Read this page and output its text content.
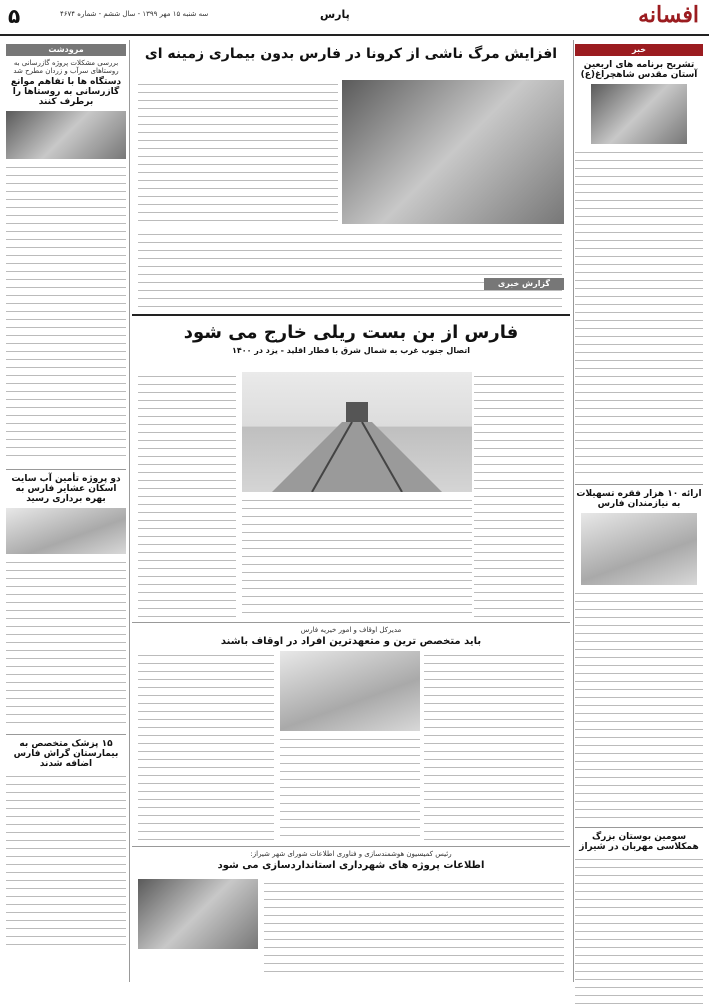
افسانه
پارس
سه شنبه ۱۵ مهر ۱۳۹۹ - سال ششم - شماره ۴۶۷۴
۵
خبر
تشریح برنامه های اربعین آستان مقدس شاهچراغ(ع)
ارائه ۱۰ هزار فقره تسهیلات به نیازمندان فارس
سومین بوستان بزرگ همکلاسی مهربان در شیراز
مرودشت
بررسی مشکلات پروژه گازرسانی به روستاهای سرآب و زردان مطرح شد
دستگاه ها با تفاهم موانع گازرسانی به روستاها را برطرف کنند
دو پروژه تأمین آب سایت اسکان عشایر فارس به بهره برداری رسید
۱۵ پزشک متخصص به بیمارستان گراش فارس اضافه شدند
افزایش مرگ ناشی از کرونا در فارس بدون بیماری زمینه ای
گزارش خبری
فارس از بن بست ریلی خارج می شود
اتصال جنوب غرب به شمال شرق با قطار اقلید - یزد در ۱۴۰۰
مدیرکل اوقاف و امور خیریه فارس
باید متخصص ترین و متعهدترین افراد در اوقاف باشند
رئیس کمیسیون هوشمندسازی و فناوری اطلاعات شورای شهر شیراز:
اطلاعات پروژه های شهرداری استانداردسازی می شود
